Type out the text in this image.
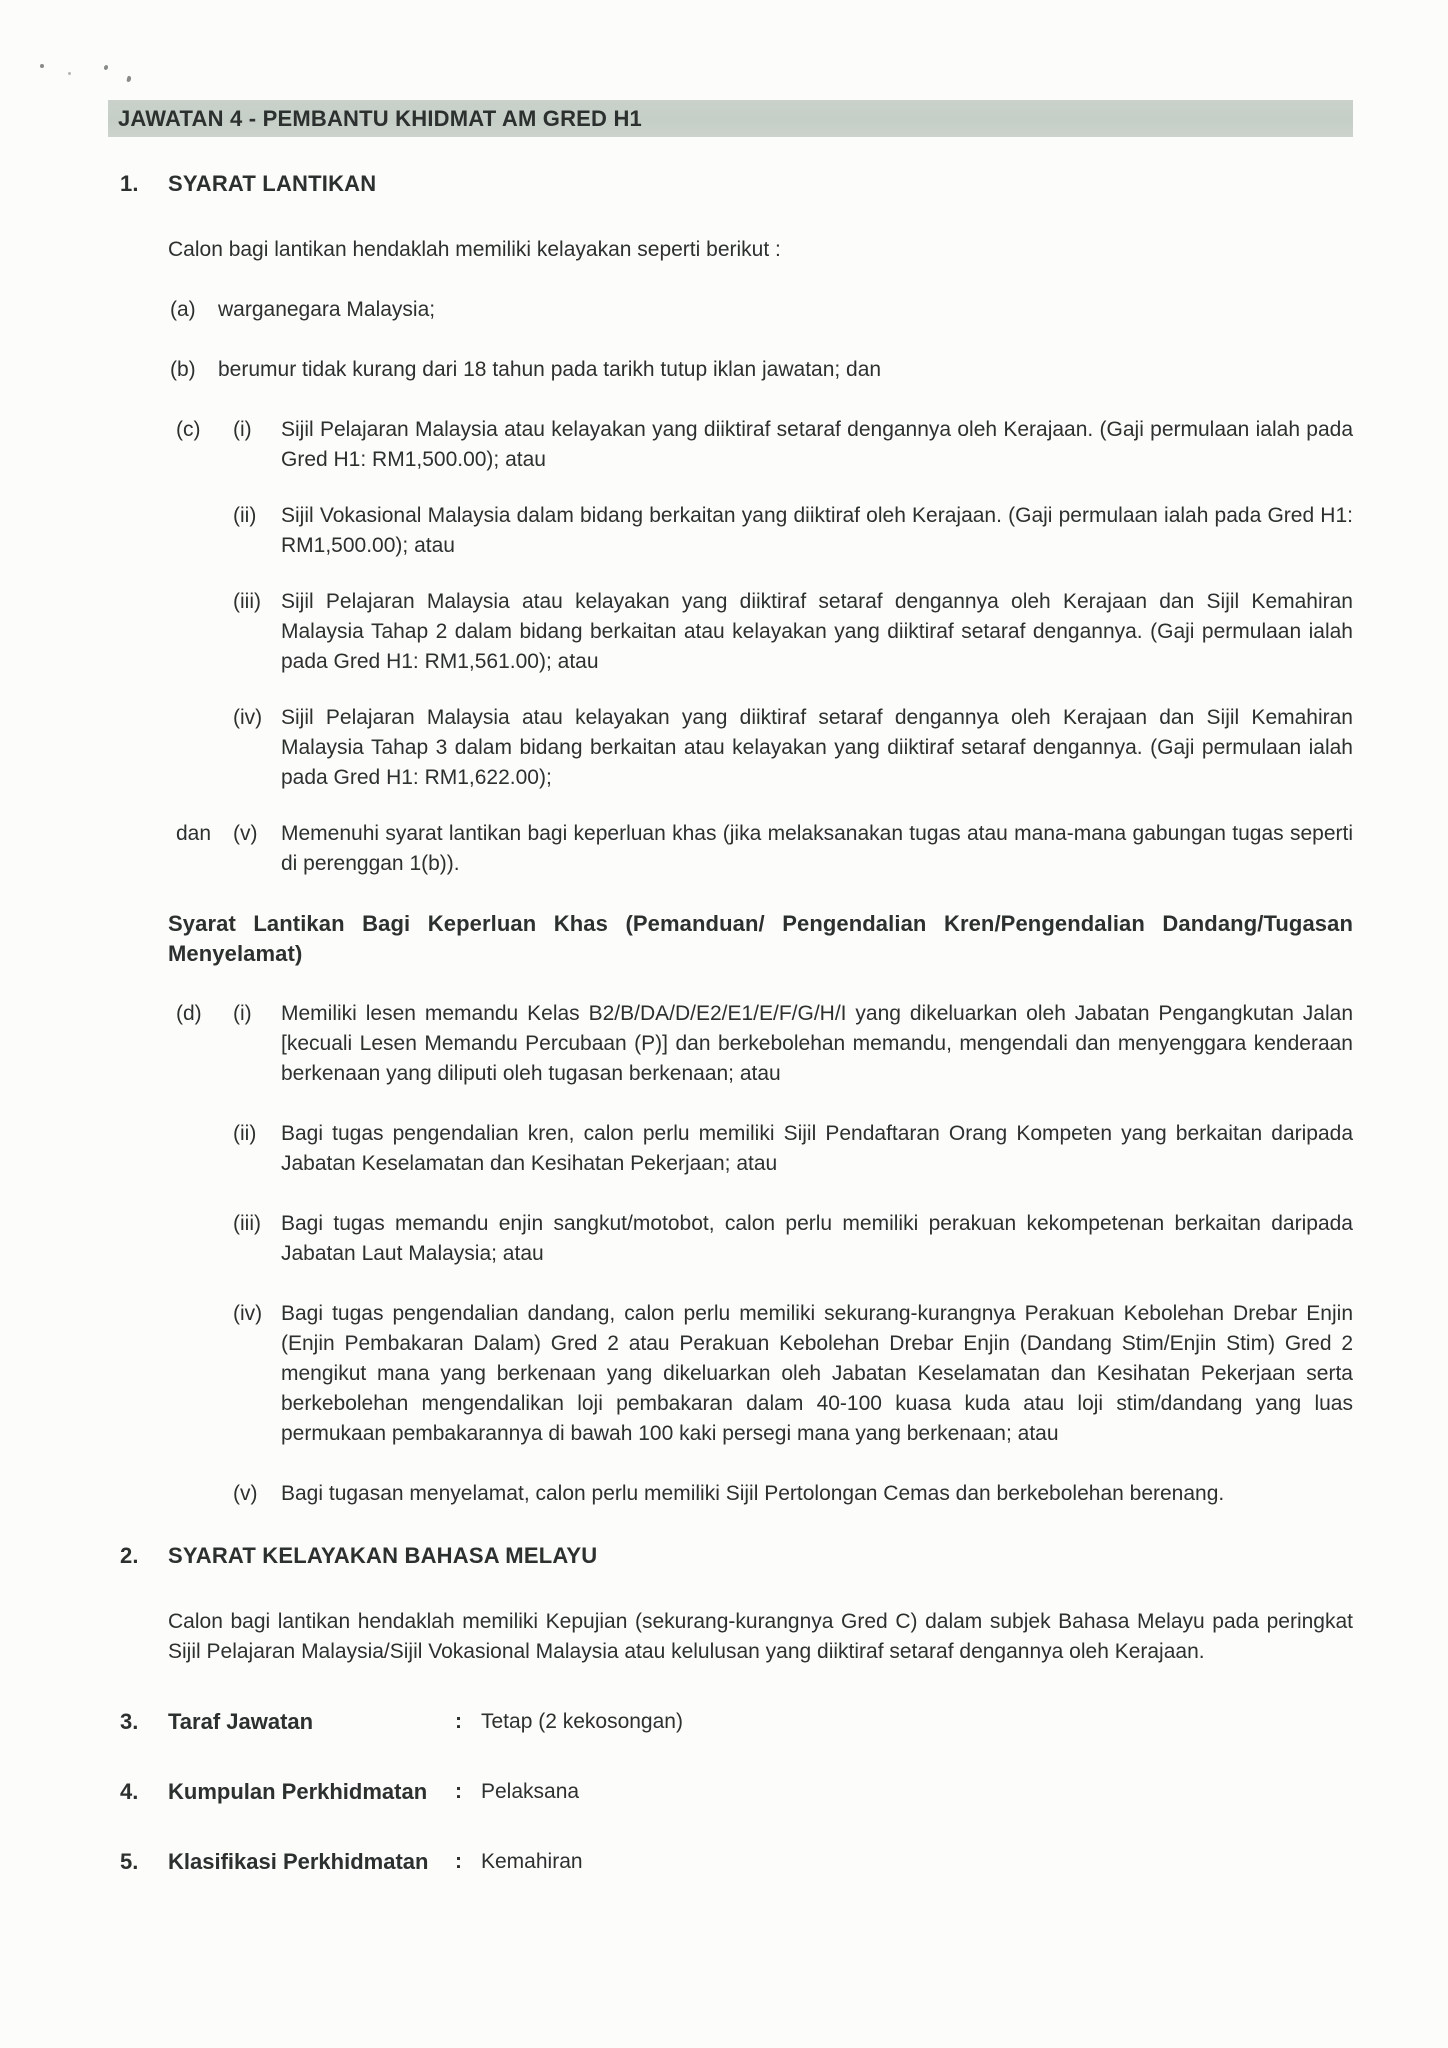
JAWATAN 4 - PEMBANTU KHIDMAT AM GRED H1
1.	SYARAT LANTIKAN

Calon bagi lantikan hendaklah memiliki kelayakan seperti berikut :

(a)	warganegara Malaysia;
(b)	berumur tidak kurang dari 18 tahun pada tarikh tutup iklan jawatan; dan
(c)	(i)	Sijil Pelajaran Malaysia atau kelayakan yang diiktiraf setaraf dengannya oleh Kerajaan. (Gaji permulaan ialah pada Gred H1: RM1,500.00); atau
(ii)	Sijil Vokasional Malaysia dalam bidang berkaitan yang diiktiraf oleh Kerajaan. (Gaji permulaan ialah pada Gred H1: RM1,500.00); atau
(iii) Sijil Pelajaran Malaysia atau kelayakan yang diiktiraf setaraf dengannya oleh Kerajaan dan Sijil Kemahiran Malaysia Tahap 2 dalam bidang berkaitan atau kelayakan yang diiktiraf setaraf dengannya. (Gaji permulaan ialah pada Gred H1: RM1,561.00); atau
(iv) Sijil Pelajaran Malaysia atau kelayakan yang diiktiraf setaraf dengannya oleh Kerajaan dan Sijil Kemahiran Malaysia Tahap 3 dalam bidang berkaitan atau kelayakan yang diiktiraf setaraf dengannya. (Gaji permulaan ialah pada Gred H1: RM1,622.00);
dan	(v)	Memenuhi syarat lantikan bagi keperluan khas (jika melaksanakan tugas atau mana-mana gabungan tugas seperti di perenggan 1(b)).
Syarat Lantikan Bagi Keperluan Khas (Pemanduan/ Pengendalian Kren/Pengendalian Dandang/Tugasan Menyelamat)
(d)	(i)	Memiliki lesen memandu Kelas B2/B/DA/D/E2/E1/E/F/G/H/I yang dikeluarkan oleh Jabatan Pengangkutan Jalan [kecuali Lesen Memandu Percubaan (P)] dan berkebolehan memandu, mengendali dan menyenggara kenderaan berkenaan yang diliputi oleh tugasan berkenaan; atau
(ii)	Bagi tugas pengendalian kren, calon perlu memiliki Sijil Pendaftaran Orang Kompeten yang berkaitan daripada Jabatan Keselamatan dan Kesihatan Pekerjaan; atau
(iii) Bagi tugas memandu enjin sangkut/motobot, calon perlu memiliki perakuan kekompetenan berkaitan daripada Jabatan Laut Malaysia; atau
(iv) Bagi tugas pengendalian dandang, calon perlu memiliki sekurang-kurangnya Perakuan Kebolehan Drebar Enjin (Enjin Pembakaran Dalam) Gred 2 atau Perakuan Kebolehan Drebar Enjin (Dandang Stim/Enjin Stim) Gred 2 mengikut mana yang berkenaan yang dikeluarkan oleh Jabatan Keselamatan dan Kesihatan Pekerjaan serta berkebolehan mengendalikan loji pembakaran dalam 40-100 kuasa kuda atau loji stim/dandang yang luas permukaan pembakarannya di bawah 100 kaki persegi mana yang berkenaan; atau
(v)	Bagi tugasan menyelamat, calon perlu memiliki Sijil Pertolongan Cemas dan berkebolehan berenang.
2.	SYARAT KELAYAKAN BAHASA MELAYU

Calon bagi lantikan hendaklah memiliki Kepujian (sekurang-kurangnya Gred C) dalam subjek Bahasa Melayu pada peringkat Sijil Pelajaran Malaysia/Sijil Vokasional Malaysia atau kelulusan yang diiktiraf setaraf dengannya oleh Kerajaan.

3.	Taraf Jawatan	: Tetap (2 kekosongan)
4.	Kumpulan Perkhidmatan	: Pelaksana
5.	Klasifikasi Perkhidmatan	: Kemahiran
